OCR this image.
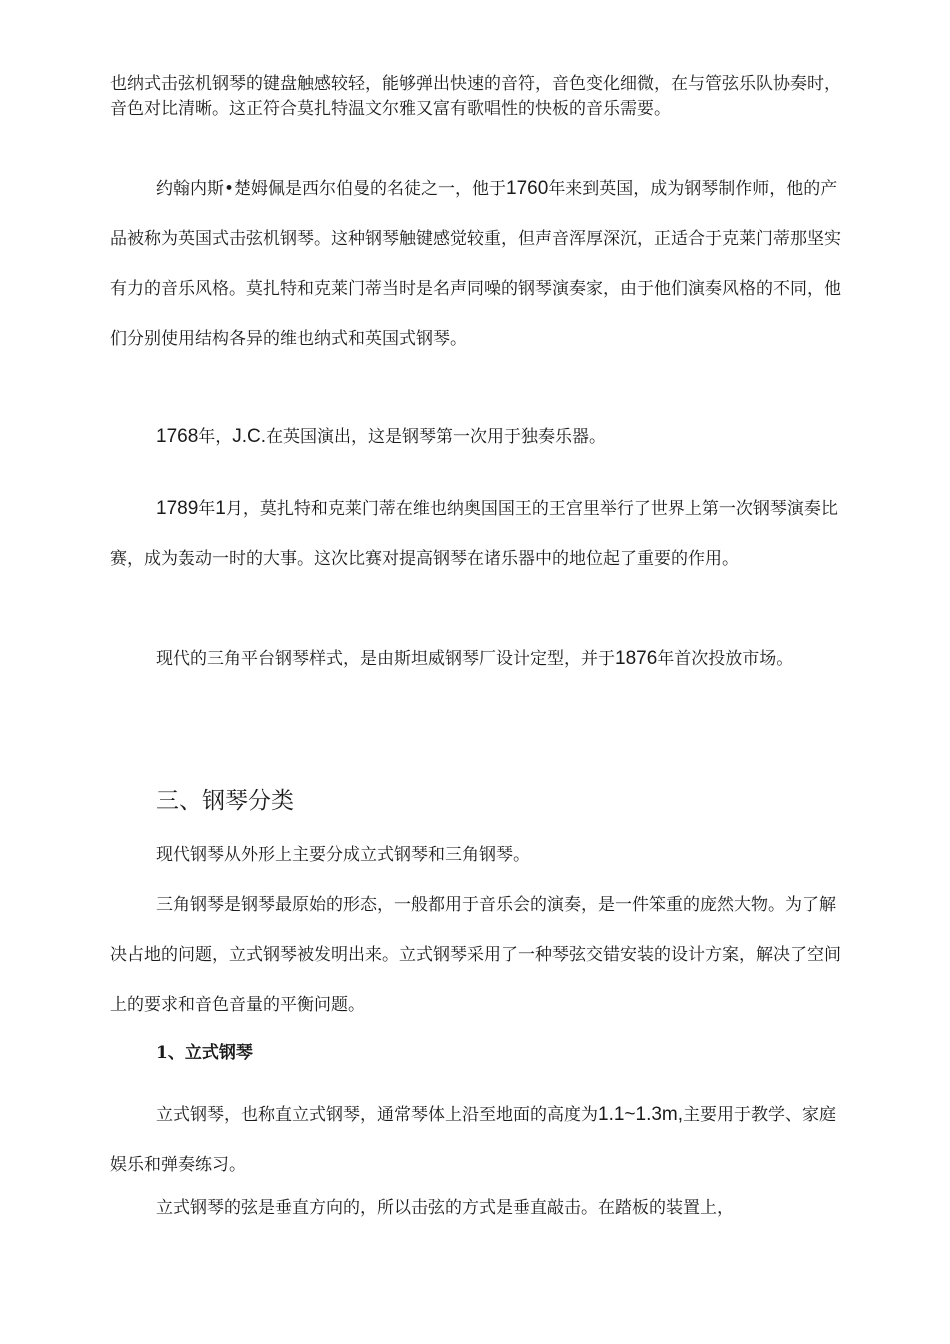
也纳式击弦机钢琴的键盘触感较轻，能够弹出快速的音符，音色变化细微，在与管弦乐队协奏时，音色对比清晰。这正符合莫扎特温文尔雅又富有歌唱性的快板的音乐需要。

约翰内斯•楚姆佩是西尔伯曼的名徒之一，他于1760年来到英国，成为钢琴制作师，他的产品被称为英国式击弦机钢琴。这种钢琴触键感觉较重，但声音浑厚深沉，正适合于克莱门蒂那坚实有力的音乐风格。莫扎特和克莱门蒂当时是名声同噪的钢琴演奏家，由于他们演奏风格的不同，他们分别使用结构各异的维也纳式和英国式钢琴。

1768年，J.C.在英国演出，这是钢琴第一次用于独奏乐器。

1789年1月，莫扎特和克莱门蒂在维也纳奥国国王的王宫里举行了世界上第一次钢琴演奏比赛，成为轰动一时的大事。这次比赛对提高钢琴在诸乐器中的地位起了重要的作用。

现代的三角平台钢琴样式，是由斯坦威钢琴厂设计定型，并于1876年首次投放市场。

三、钢琴分类

现代钢琴从外形上主要分成立式钢琴和三角钢琴。

三角钢琴是钢琴最原始的形态，一般都用于音乐会的演奏，是一件笨重的庞然大物。为了解决占地的问题，立式钢琴被发明出来。立式钢琴采用了一种琴弦交错安装的设计方案，解决了空间上的要求和音色音量的平衡问题。

1、立式钢琴

立式钢琴，也称直立式钢琴，通常琴体上沿至地面的高度为1.1~1.3m,主要用于教学、家庭娱乐和弹奏练习。

立式钢琴的弦是垂直方向的，所以击弦的方式是垂直敲击。在踏板的装置上，
